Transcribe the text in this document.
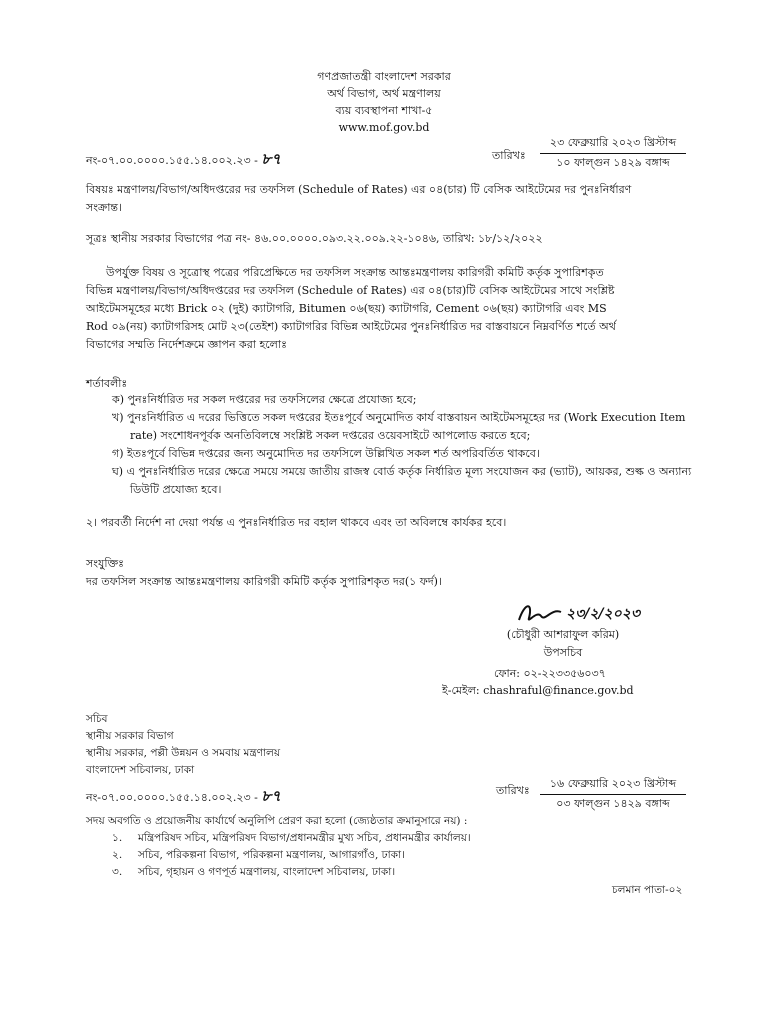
গণপ্রজাতন্ত্রী বাংলাদেশ সরকার
অর্থ বিভাগ, অর্থ মন্ত্রণালয়
ব্যয় ব্যবস্থাপনা শাখা-৫
www.mof.gov.bd
নং-০৭.০০.০০০০.১৫৫.১৪.০০২.২৩ - ৮৭	তারিখঃ
২৩ ফেব্রুয়ারি ২০২৩ খ্রিস্টাব্দ
১০ ফাল্গুন ১৪২৯ বঙ্গাব্দ
বিষয়ঃ মন্ত্রণালয়/বিভাগ/অধিদপ্তরের দর তফসিল (Schedule of Rates) এর ০৪(চার) টি বেসিক আইটেমের দর পুনঃনির্ধারণ
সংক্রান্ত।
সূত্রঃ স্থানীয় সরকার বিভাগের পত্র নং- ৪৬.০০.০০০০.০৯৩.২২.০০৯.২২-১০৪৬, তারিখ: ১৮/১২/২০২২
উপর্যুক্ত বিষয় ও সূত্রোস্থ পত্রের পরিপ্রেক্ষিতে দর তফসিল সংক্রান্ত আন্তঃমন্ত্রণালয় কারিগরী কমিটি কর্তৃক সুপারিশকৃত
বিভিন্ন মন্ত্রণালয়/বিভাগ/অধিদপ্তরের দর তফসিল (Schedule of Rates) এর ০৪(চার)টি বেসিক আইটেমের সাথে সংশ্লিষ্ট
আইটেমসমূহের মধ্যে Brick ০২ (দুই) ক্যাটাগরি, Bitumen ০৬(ছয়) ক্যাটাগরি, Cement ০৬(ছয়) ক্যাটাগরি এবং MS
Rod ০৯(নয়) ক্যাটাগরিসহ মোট ২৩(তেইশ) ক্যাটাগরির বিভিন্ন আইটেমের পুনঃনির্ধারিত দর বাস্তবায়নে নিম্নবর্ণিত শর্তে অর্থ
বিভাগের সম্মতি নির্দেশক্রমে জ্ঞাপন করা হলোঃ
শর্তাবলীঃ
ক) পুনঃনির্ধারিত দর সকল দপ্তরের দর তফসিলের ক্ষেত্রে প্রযোজ্য হবে;
খ) পুনঃনির্ধারিত এ দরের ভিত্তিতে সকল দপ্তরের ইতঃপূর্বে অনুমোদিত কার্য বাস্তবায়ন আইটেমসমূহের দর (Work Execution Item rate) সংশোধনপূর্বক অনতিবিলম্বে সংশ্লিষ্ট সকল দপ্তরের ওয়েবসাইটে আপলোড করতে হবে;
গ) ইতঃপূর্বে বিভিন্ন দপ্তরের জন্য অনুমোদিত দর তফসিলে উল্লিখিত সকল শর্ত অপরিবর্তিত থাকবে।
ঘ) এ পুনঃনির্ধারিত দরের ক্ষেত্রে সময়ে সময়ে জাতীয় রাজস্ব বোর্ড কর্তৃক নির্ধারিত মূল্য সংযোজন কর (ভ্যাট), আয়কর, শুল্ক ও অন্যান্য ডিউটি প্রযোজ্য হবে।
২। পরবর্তী নির্দেশ না দেয়া পর্যন্ত এ পুনঃনির্ধারিত দর বহাল থাকবে এবং তা অবিলম্বে কার্যকর হবে।
সংযুক্তিঃ
দর তফসিল সংক্রান্ত আন্তঃমন্ত্রণালয় কারিগরী কমিটি কর্তৃক সুপারিশকৃত দর(১ ফর্দ)।
২৩/২/২০২৩
(চৌধুরী আশরাফুল করিম)
উপসচিব
ফোন: ০২-২২৩৩৫৬০৩৭
ই-মেইল: chashraful@finance.gov.bd
সচিব
স্থানীয় সরকার বিভাগ
স্থানীয় সরকার, পল্লী উন্নয়ন ও সমবায় মন্ত্রণালয়
বাংলাদেশ সচিবালয়, ঢাকা
নং-০৭.০০.০০০০.১৫৫.১৪.০০২.২৩ - ৮৭	তারিখঃ
১৬ ফেব্রুয়ারি ২০২৩ খ্রিস্টাব্দ
০৩ ফাল্গুন ১৪২৯ বঙ্গাব্দ
সদয় অবগতি ও প্রয়োজনীয় কার্যার্থে অনুলিপি প্রেরণ করা হলো (জ্যেষ্ঠতার ক্রমানুসারে নয়) :
১. মন্ত্রিপরিষদ সচিব, মন্ত্রিপরিষদ বিভাগ/প্রধানমন্ত্রীর মুখ্য সচিব, প্রধানমন্ত্রীর কার্যালয়।
২. সচিব, পরিকল্পনা বিভাগ, পরিকল্পনা মন্ত্রণালয়, আগারগাঁও, ঢাকা।
৩. সচিব, গৃহায়ন ও গণপূর্ত মন্ত্রণালয়, বাংলাদেশ সচিবালয়, ঢাকা।
চলমান পাতা-০২
